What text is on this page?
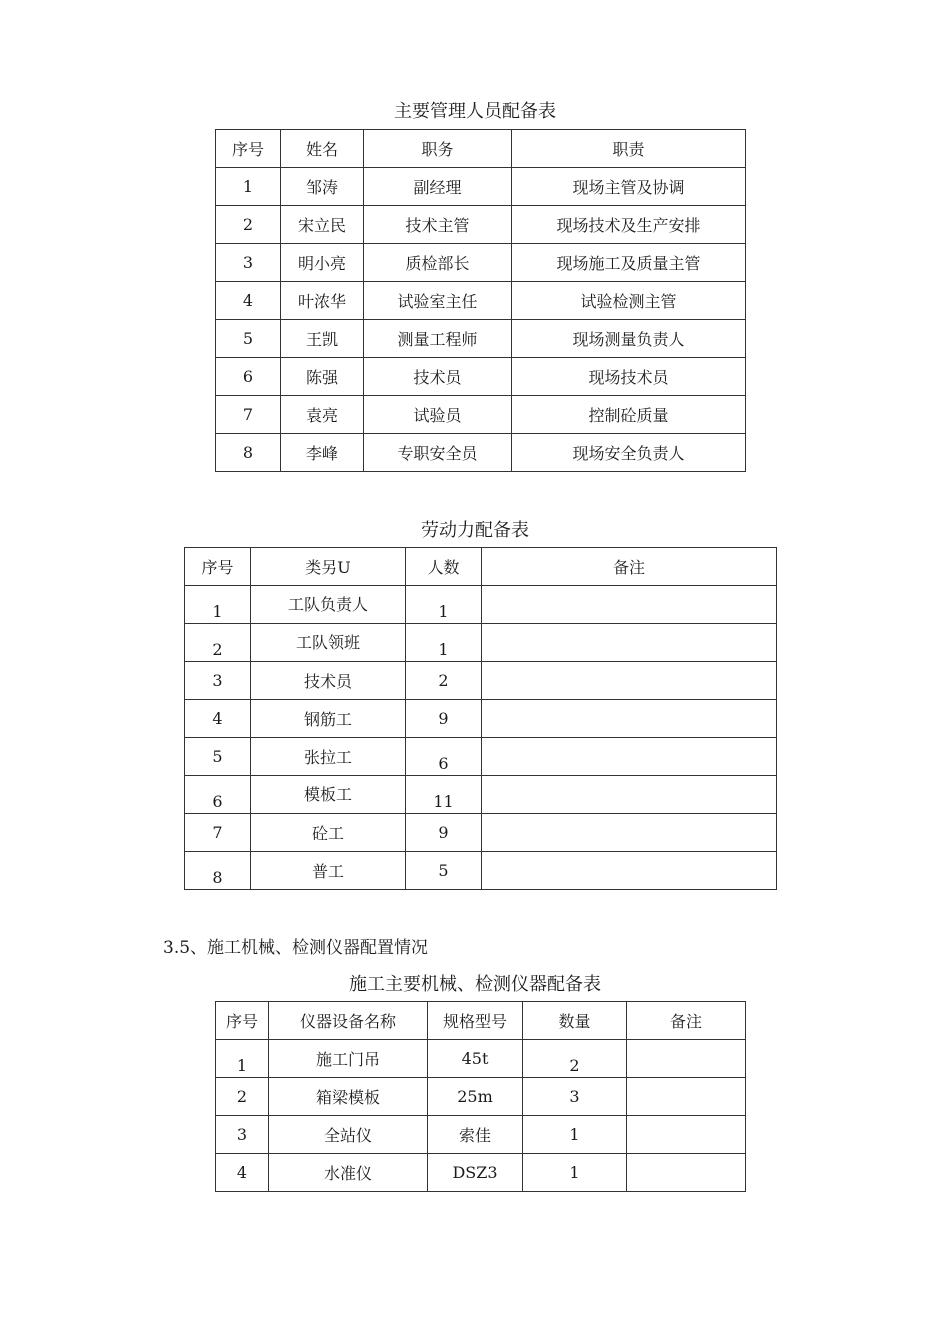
主要管理人员配备表
序号	姓名	职务	职责
1	邹涛	副经理	现场主管及协调
2	宋立民	技术主管	现场技术及生产安排
3	明小亮	质检部长	现场施工及质量主管
4	叶浓华	试验室主任	试验检测主管
5	王凯	测量工程师	现场测量负责人
6	陈强	技术员	现场技术员
7	袁亮	试验员	控制砼质量
8	李峰	专职安全员	现场安全负责人
劳动力配备表
序号	类另U	人数	备注
1	工队负责人	1	
2	工队领班	1	
3	技术员	2	
4	钢筋工	9	
5	张拉工	6	
6	模板工	11	
7	砼工	9	
8	普工	5	
3.5、施工机械、检测仪器配置情况
施工主要机械、检测仪器配备表
序号	仪器设备名称	规格型号	数量	备注
1	施工门吊	45t	2	
2	箱梁模板	25m	3	
3	全站仪	索佳	1	
4	水准仪	DSZ3	1	
